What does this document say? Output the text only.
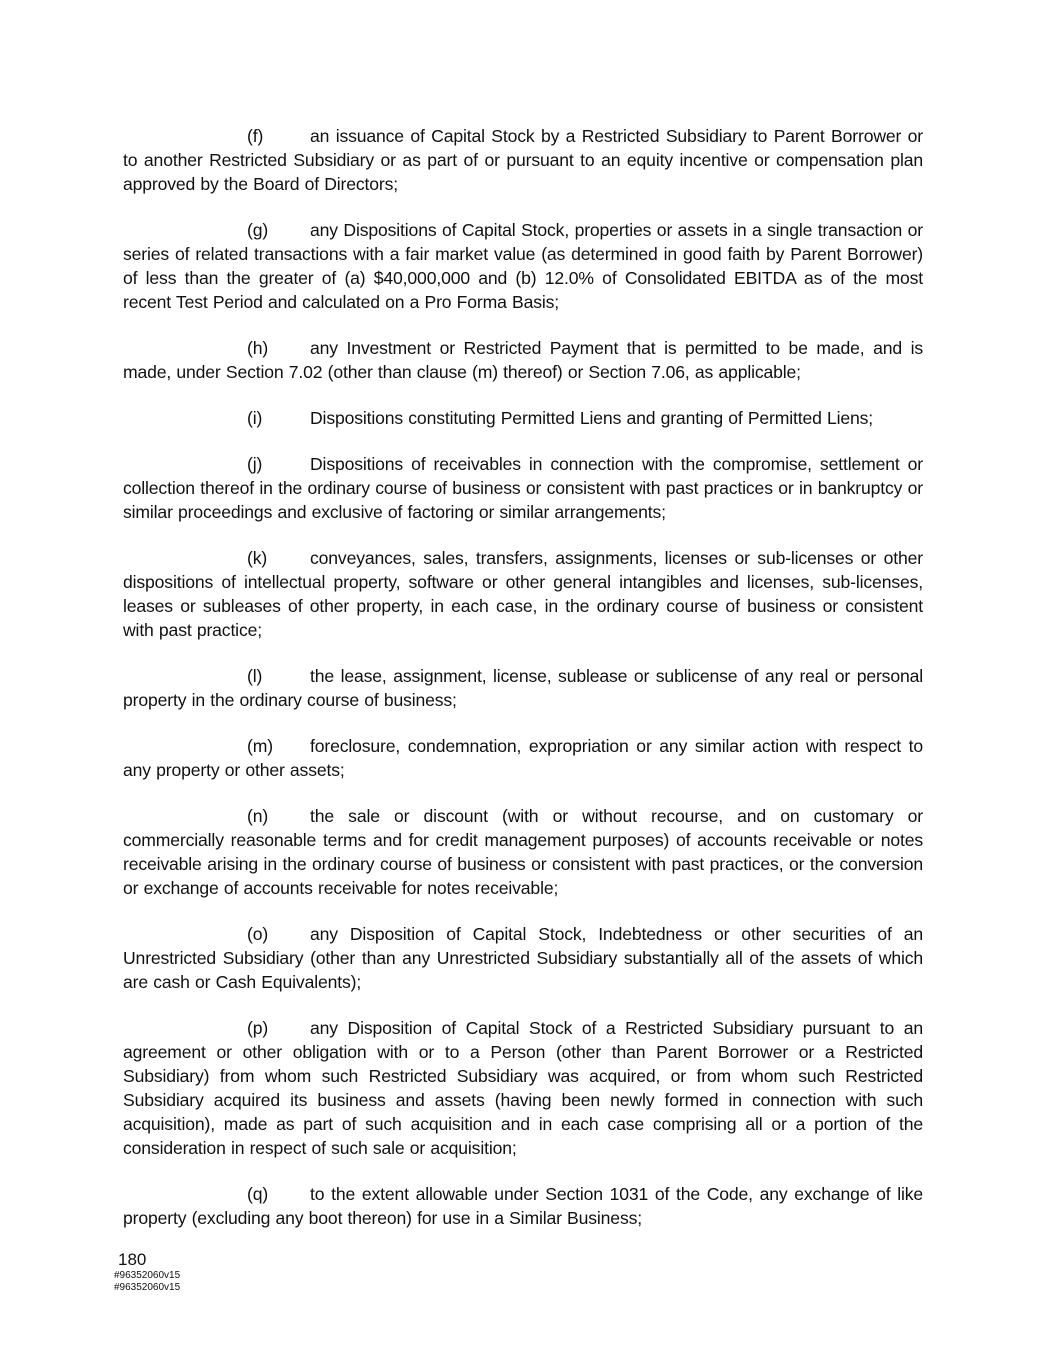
(f)	an issuance of Capital Stock by a Restricted Subsidiary to Parent Borrower or to another Restricted Subsidiary or as part of or pursuant to an equity incentive or compensation plan approved by the Board of Directors;

(g) any Dispositions of Capital Stock, properties or assets in a single transaction or series of related transactions with a fair market value (as determined in good faith by Parent Borrower) of less than the greater of (a) $40,000,000 and (b) 12.0% of Consolidated EBITDA as of the most recent Test Period and calculated on a Pro Forma Basis;

(h) any Investment or Restricted Payment that is permitted to be made, and is made, under Section 7.02 (other than clause (m) thereof) or Section 7.06, as applicable;

(i)	Dispositions constituting Permitted Liens and granting of Permitted Liens;

(j)	Dispositions of receivables in connection with the compromise, settlement or collection thereof in the ordinary course of business or consistent with past practices or in bankruptcy or similar proceedings and exclusive of factoring or similar arrangements;

(k) conveyances, sales, transfers, assignments, licenses or sub-licenses or other dispositions of intellectual property, software or other general intangibles and licenses, sub-licenses, leases or subleases of other property, in each case, in the ordinary course of business or consistent with past practice;

(l)	the lease, assignment, license, sublease or sublicense of any real or personal property in the ordinary course of business;

(m) foreclosure, condemnation, expropriation or any similar action with respect to any property or other assets;

(n) the sale or discount (with or without recourse, and on customary or commercially reasonable terms and for credit management purposes) of accounts receivable or notes receivable arising in the ordinary course of business or consistent with past practices, or the conversion or exchange of accounts receivable for notes receivable;

(o) any Disposition of Capital Stock, Indebtedness or other securities of an Unrestricted Subsidiary (other than any Unrestricted Subsidiary substantially all of the assets of which are cash or Cash Equivalents);

(p) any Disposition of Capital Stock of a Restricted Subsidiary pursuant to an agreement or other obligation with or to a Person (other than Parent Borrower or a Restricted Subsidiary) from whom such Restricted Subsidiary was acquired, or from whom such Restricted Subsidiary acquired its business and assets (having been newly formed in connection with such acquisition), made as part of such acquisition and in each case comprising all or a portion of the consideration in respect of such sale or acquisition;

(q) to the extent allowable under Section 1031 of the Code, any exchange of like property (excluding any boot thereon) for use in a Similar Business;

180
#96352060v15
#96352060v15
